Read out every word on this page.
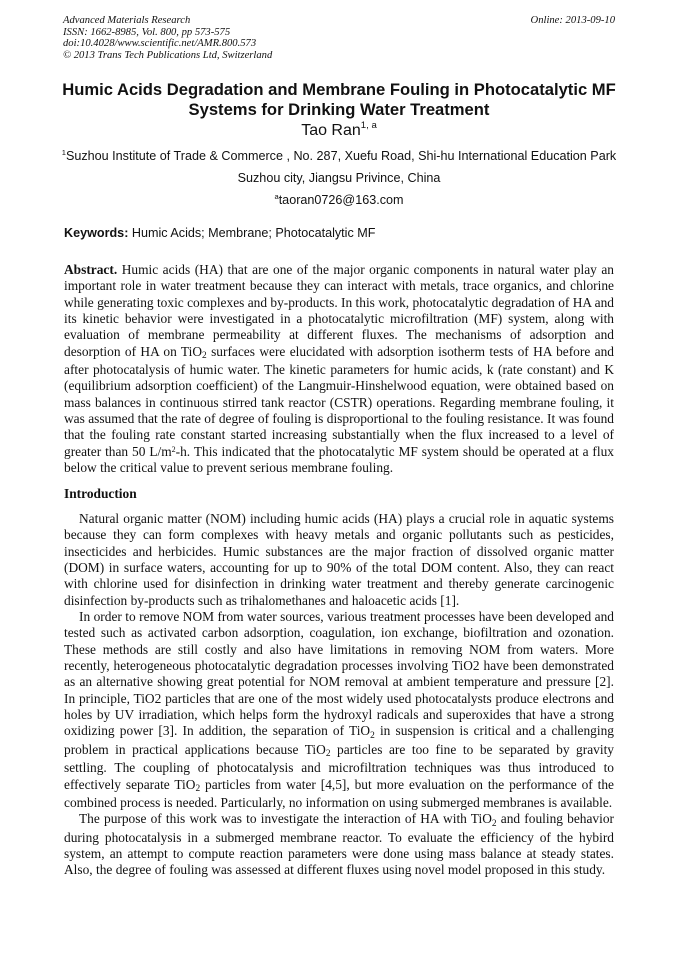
Advanced Materials Research
ISSN: 1662-8985, Vol. 800, pp 573-575
doi:10.4028/www.scientific.net/AMR.800.573
© 2013 Trans Tech Publications Ltd, Switzerland
Online: 2013-09-10
Humic Acids Degradation and Membrane Fouling in Photocatalytic MF Systems for Drinking Water Treatment
Tao Ran$^{1, a}$
$^1$Suzhou Institute of Trade & Commerce , No. 287, Xuefu Road, Shi-hu International Education Park
Suzhou city, Jiangsu Privince, China
$^a$taoran0726@163.com
Keywords: Humic Acids; Membrane; Photocatalytic MF

Abstract. Humic acids (HA) that are one of the major organic components in natural water play an important role in water treatment because they can interact with metals, trace organics, and chlorine while generating toxic complexes and by-products. In this work, photocatalytic degradation of HA and its kinetic behavior were investigated in a photocatalytic microfiltration (MF) system, along with evaluation of membrane permeability at different fluxes. The mechanisms of adsorption and desorption of HA on TiO$_2$ surfaces were elucidated with adsorption isotherm tests of HA before and after photocatalysis of humic water. The kinetic parameters for humic acids, k (rate constant) and K (equilibrium adsorption coefficient) of the Langmuir-Hinshelwood equation, were obtained based on mass balances in continuous stirred tank reactor (CSTR) operations. Regarding membrane fouling, it was assumed that the rate of degree of fouling is disproportional to the fouling resistance. It was found that the fouling rate constant started increasing substantially when the flux increased to a level of greater than 50 $L/m^2-h$. This indicated that the photocatalytic MF system should be operated at a flux below the critical value to prevent serious membrane fouling.

Introduction

Natural organic matter (NOM) including humic acids (HA) plays a crucial role in aquatic systems because they can form complexes with heavy metals and organic pollutants such as pesticides, insecticides and herbicides. Humic substances are the major fraction of dissolved organic matter (DOM) in surface waters, accounting for up to 90% of the total DOM content. Also, they can react with chlorine used for disinfection in drinking water treatment and thereby generate carcinogenic disinfection by-products such as trihalomethanes and haloacetic acids [1].

In order to remove NOM from water sources, various treatment processes have been developed and tested such as activated carbon adsorption, coagulation, ion exchange, biofiltration and ozonation. These methods are still costly and also have limitations in removing NOM from waters. More recently, heterogeneous photocatalytic degradation processes involving TiO2 have been demonstrated as an alternative showing great potential for NOM removal at ambient temperature and pressure [2]. In principle, TiO2 particles that are one of the most widely used photocatalysts produce electrons and holes by UV irradiation, which helps form the hydroxyl radicals and superoxides that have a strong oxidizing power [3]. In addition, the separation of TiO$_2$ in suspension is critical and a challenging problem in practical applications because TiO$_2$ particles are too fine to be separated by gravity settling. The coupling of photocatalysis and microfiltration techniques was thus introduced to effectively separate TiO$_2$ particles from water [4,5], but more evaluation on the performance of the combined process is needed. Particularly, no information on using submerged membranes is available.

The purpose of this work was to investigate the interaction of HA with TiO$_2$ and fouling behavior during photocatalysis in a submerged membrane reactor. To evaluate the efficiency of the hybird system, an attempt to compute reaction parameters were done using mass balance at steady states. Also, the degree of fouling was assessed at different fluxes using novel model proposed in this study.
